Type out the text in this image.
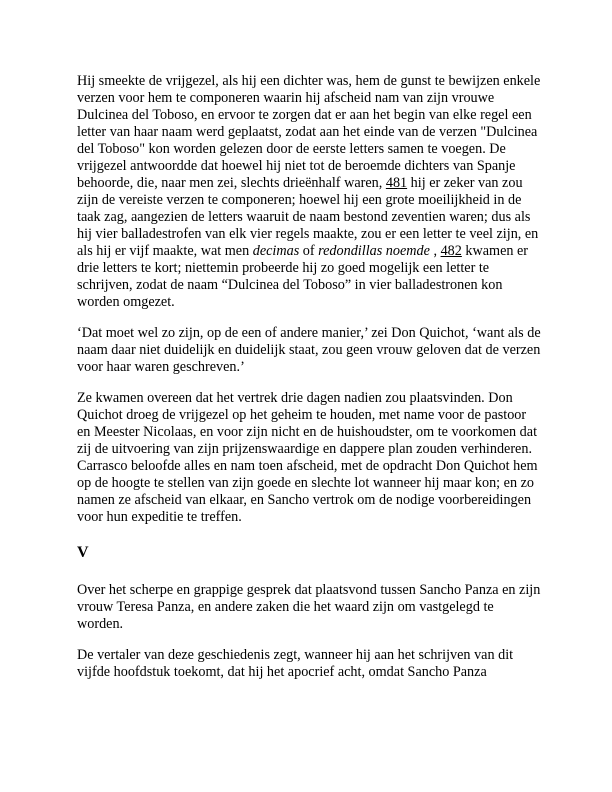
Hij smeekte de vrijgezel, als hij een dichter was, hem de gunst te bewijzen enkele verzen voor hem te componeren waarin hij afscheid nam van zijn vrouwe Dulcinea del Toboso, en ervoor te zorgen dat er aan het begin van elke regel een letter van haar naam werd geplaatst, zodat aan het einde van de verzen "Dulcinea del Toboso" kon worden gelezen door de eerste letters samen te voegen. De vrijgezel antwoordde dat hoewel hij niet tot de beroemde dichters van Spanje behoorde, die, naar men zei, slechts drieënhalf waren, 481 hij er zeker van zou zijn de vereiste verzen te componeren; hoewel hij een grote moeilijkheid in de taak zag, aangezien de letters waaruit de naam bestond zeventien waren; dus als hij vier balladestrofen van elk vier regels maakte, zou er een letter te veel zijn, en als hij er vijf maakte, wat men decimas of redondillas noemde , 482 kwamen er drie letters te kort; niettemin probeerde hij zo goed mogelijk een letter te schrijven, zodat de naam “Dulcinea del Toboso” in vier balladestronen kon worden omgezet.

‘Dat moet wel zo zijn, op de een of andere manier,’ zei Don Quichot, ‘want als de naam daar niet duidelijk en duidelijk staat, zou geen vrouw geloven dat de verzen voor haar waren geschreven.’

Ze kwamen overeen dat het vertrek drie dagen nadien zou plaatsvinden. Don Quichot droeg de vrijgezel op het geheim te houden, met name voor de pastoor en Meester Nicolaas, en voor zijn nicht en de huishoudster, om te voorkomen dat zij de uitvoering van zijn prijzenswaardige en dappere plan zouden verhinderen. Carrasco beloofde alles en nam toen afscheid, met de opdracht Don Quichot hem op de hoogte te stellen van zijn goede en slechte lot wanneer hij maar kon; en zo namen ze afscheid van elkaar, en Sancho vertrok om de nodige voorbereidingen voor hun expeditie te treffen.

V

Over het scherpe en grappige gesprek dat plaatsvond tussen Sancho Panza en zijn vrouw Teresa Panza, en andere zaken die het waard zijn om vastgelegd te worden.

De vertaler van deze geschiedenis zegt, wanneer hij aan het schrijven van dit vijfde hoofdstuk toekomt, dat hij het apocrief acht, omdat Sancho Panza
